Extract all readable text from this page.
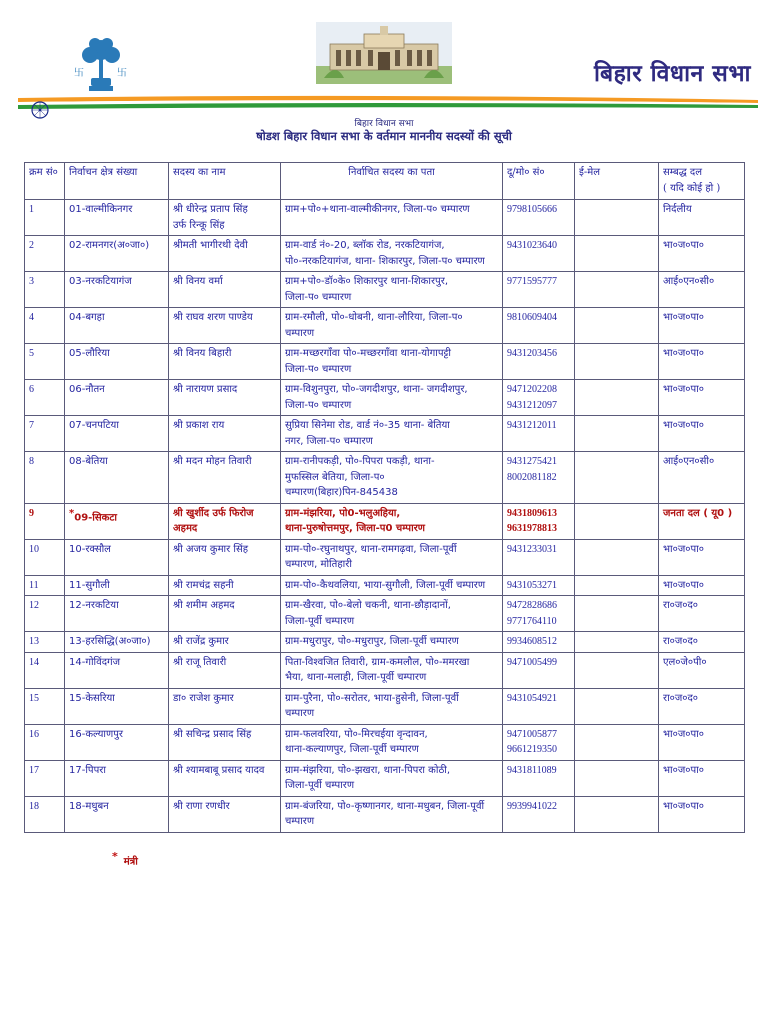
卐	卐	बिहार विधान सभा
बिहार विधान सभा
षोडश बिहार विधान सभा के वर्तमान माननीय सदस्यों की सूची
क्रम सं०	निर्वाचन क्षेत्र संख्या	सदस्य का नाम	निर्वाचित सदस्य का पता	दू/मो० सं०	ई-मेल	सम्बद्ध दल
( यदि कोई हो )

1	01-वाल्मीकिनगर	श्री धीरेन्द्र प्रताप सिंह
उर्फ रिन्कू सिंह	ग्राम+पो०+थाना-वाल्मीकीनगर, जिला-प० चम्पारण	9798105666		निर्दलीय
2	02-रामनगर(अ०जा०)	श्रीमती भागीरथी देवी	ग्राम-वार्ड नं०-20, ब्लॉक रोड, नरकटियागंज,
पो०-नरकटियागंज, थाना- शिकारपुर, जिला-प० चम्पारण	9431023640		भा०ज०पा०
3	03-नरकटियागंज	श्री विनय वर्मा	ग्राम+पो०-डॉ०के० शिकारपुर थाना-शिकारपुर,
जिला-प० चम्पारण	9771595777		आई०एन०सी०
4	04-बगहा	श्री राघव शरण पाण्डेय	ग्राम-रमौली, पो०-धोबनी, थाना-लौरिया, जिला-प०
चम्पारण	9810609404		भा०ज०पा०
5	05-लौरिया	श्री विनय बिहारी	ग्राम-मच्छरगाँवा पो०-मच्छरगाँवा थाना-योगापट्टी
जिला-प० चम्पारण	9431203456		भा०ज०पा०
6	06-नौतन	श्री नारायण प्रसाद	ग्राम-विशुनपुरा, पो०-जगदीशपुर, थाना- जगदीशपुर,
जिला-प० चम्पारण	9471202208
9431212097		भा०ज०पा०
7	07-चनपटिया	श्री प्रकाश राय	सुप्रिया सिनेमा रोड, वार्ड नं०-35 थाना- बेतिया
नगर, जिला-प० चम्पारण	9431212011		भा०ज०पा०
8	08-बेतिया	श्री मदन मोहन तिवारी	ग्राम-रानीपकड़ी, पो०-पिपरा पकड़ी, थाना-
मुफस्सिल बेतिया, जिला-प०
चम्पारण(बिहार)पिन-845438	9431275421
8002081182		आई०एन०सी०
9	*09-सिकटा	श्री खुर्शीद उर्फ फिरोज
अहमद	ग्राम-मंझरिया, पो0-भलुअहिया,
थाना-पुरुषोत्तमपुर, जिला-प0 चम्पारण	9431809613
9631978813		जनता दल ( यू0 )
10	10-रक्सौल	श्री अजय कुमार सिंह	ग्राम-पो०-रघुनाथपुर, थाना-रामगढ़वा, जिला-पूर्वी
चम्पारण, मोतिहारी	9431233031		भा०ज०पा०
11	11-सुगौली	श्री रामचंद्र सहनी	ग्राम-पो०-कैथवलिया, भाया-सुगौली, जिला-पूर्वी चम्पारण	9431053271		भा०ज०पा०
12	12-नरकटिया	श्री शमीम अहमद	ग्राम-खैरवा, पो०-बेलो चकनी, थाना-छौड़ादानों,
जिला-पूर्वी चम्पारण	9472828686
9771764110		रा०ज०द०
13	13-हरसिद्धि(अ०जा०)	श्री राजेंद्र कुमार	ग्राम-मधुरापुर, पो०-मधुरापुर, जिला-पूर्वी चम्पारण	9934608512		रा०ज०द०
14	14-गोविंदगंज	श्री राजू तिवारी	पिता-विश्वजित तिवारी, ग्राम-कमलौल, पो०-ममरखा
भैया, थाना-मलाही, जिला-पूर्वी चम्पारण	9471005499		एल०जे०पी०
15	15-केसरिया	डा० राजेश कुमार	ग्राम-पुरैना, पो०-सरोतर, भाया-हुसेनी, जिला-पूर्वी
चम्पारण	9431054921		रा०ज०द०
16	16-कल्याणपुर	श्री सचिन्द्र प्रसाद सिंह	ग्राम-फलवरिया, पो०-मिरचईया वृन्दावन,
थाना-कल्याणपुर, जिला-पूर्वी चम्पारण	9471005877
9661219350		भा०ज०पा०
17	17-पिपरा	श्री श्यामबाबू प्रसाद यादव	ग्राम-मंझरिया, पो०-झखरा, थाना-पिपरा कोठी,
जिला-पूर्वी चम्पारण	9431811089		भा०ज०पा०
18	18-मधुबन	श्री राणा रणधीर	ग्राम-बंजरिया, पो०-कृष्णानगर, थाना-मधुबन, जिला-पूर्वी
चम्पारण	9939941022		भा०ज०पा०
* मंत्री
